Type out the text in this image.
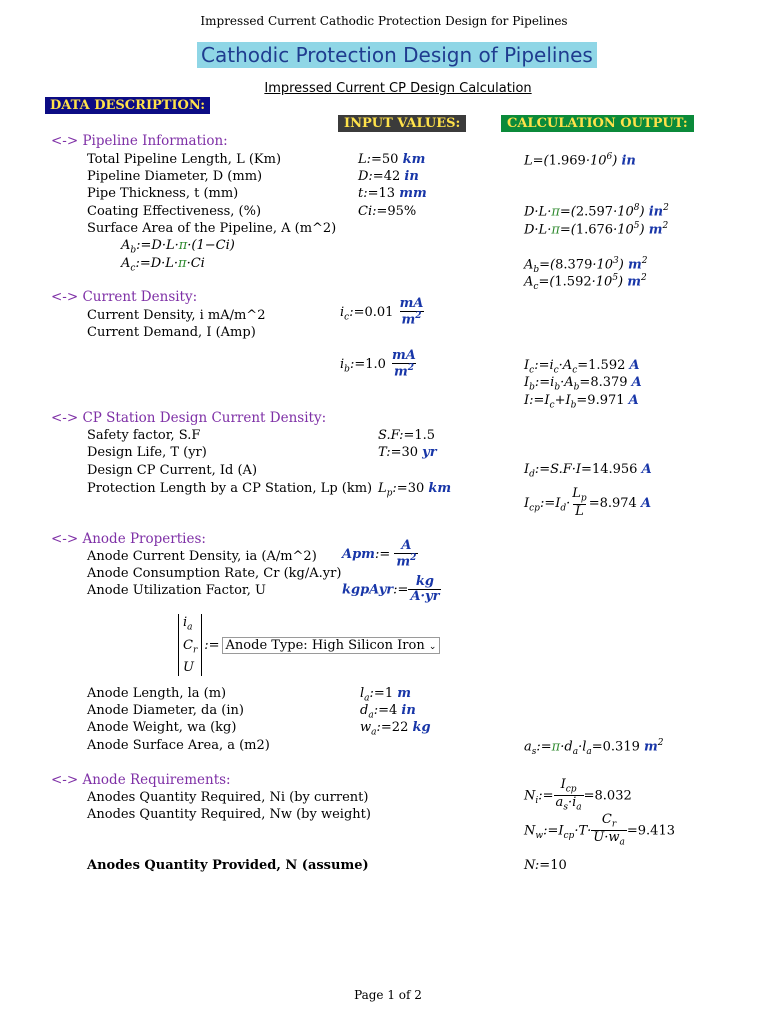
Impressed Current Cathodic Protection Design for Pipelines
Cathodic Protection Design of Pipelines
Impressed Current CP Design Calculation
DATA DESCRIPTION:
INPUT VALUES:	CALCULATION OUTPUT:
<-> Pipeline Information:
Total Pipeline Length, L (Km)
Pipeline Diameter, D (mm)
Pipe Thickness, t (mm)
Coating Effectiveness, (%)
Surface Area of the Pipeline, A (m^2)
$A_b:=D\cdot L\cdot\pi\cdot(1-Ci)$
$A_c:=D\cdot L\cdot\pi\cdot Ci$
L:=50 km
D:=42 in
t:=13 mm
Ci:=95%
$L=(1.969\cdot 10^6)$ in
$D\cdot L\cdot\pi=(2.597\cdot 10^8)$ $in^2$
$D\cdot L\cdot\pi=(1.676\cdot 10^5)$ $m^2$
$A_b=(8.379\cdot 10^3)$ $m^2$
$A_c=(1.592\cdot 10^5)$ $m^2$
<-> Current Density:
Current Density, i mA/m^2
Current Demand, I (Amp)
$i_c:=0.01 \frac{mA}{m^2}$
$i_b:=1.0 \frac{mA}{m^2}$	$I_c:=i_c\cdot A_c=1.592$ A
$I_b:=i_b\cdot A_b=8.379$ A
$I:=I_c+I_b=9.971$ A
<-> CP Station Design Current Density:
Safety factor, S.F
Design Life, T (yr)
Design CP Current, Id (A)
Protection Length by a CP Station, Lp (km)
S.F:=1.5
T:=30 yr
$L_p:=30$ km
$I_d:=S.F\cdot I=14.956$ A
$I_{cp}:=I_d\cdot \frac{L_p}{L} =8.974$ A
<-> Anode Properties:
Anode Current Density, ia (A/m^2)
Anode Consumption Rate, Cr (kg/A.yr)
Anode Utilization Factor, U
Apm:= $\frac{A}{m^2}$
kgpAyr:= $\frac{kg}{A\cdot yr}$
$i_a$
$C_r$
U
:= Anode Type: High Silicon Iron ⌄
Anode Length, la (m)
Anode Diameter, da (in)
Anode Weight, wa (kg)
Anode Surface Area, a (m2)
$l_a:=1$ m
$d_a:=4$ in
$w_a:=22$ kg
$a_s:=\pi\cdot d_a\cdot l_a=0.319$ $m^2$
<-> Anode Requirements:
Anodes Quantity Required, Ni (by current)
Anodes Quantity Required, Nw (by weight)
Anodes Quantity Provided, N (assume)
$N_i:= \frac{I_{cp}}{a_s\cdot i_a} =8.032$
$N_w:=I_{cp}\cdot T\cdot \frac{C_r}{U\cdot w_a} =9.413$
N:=10
Page 1 of 2
